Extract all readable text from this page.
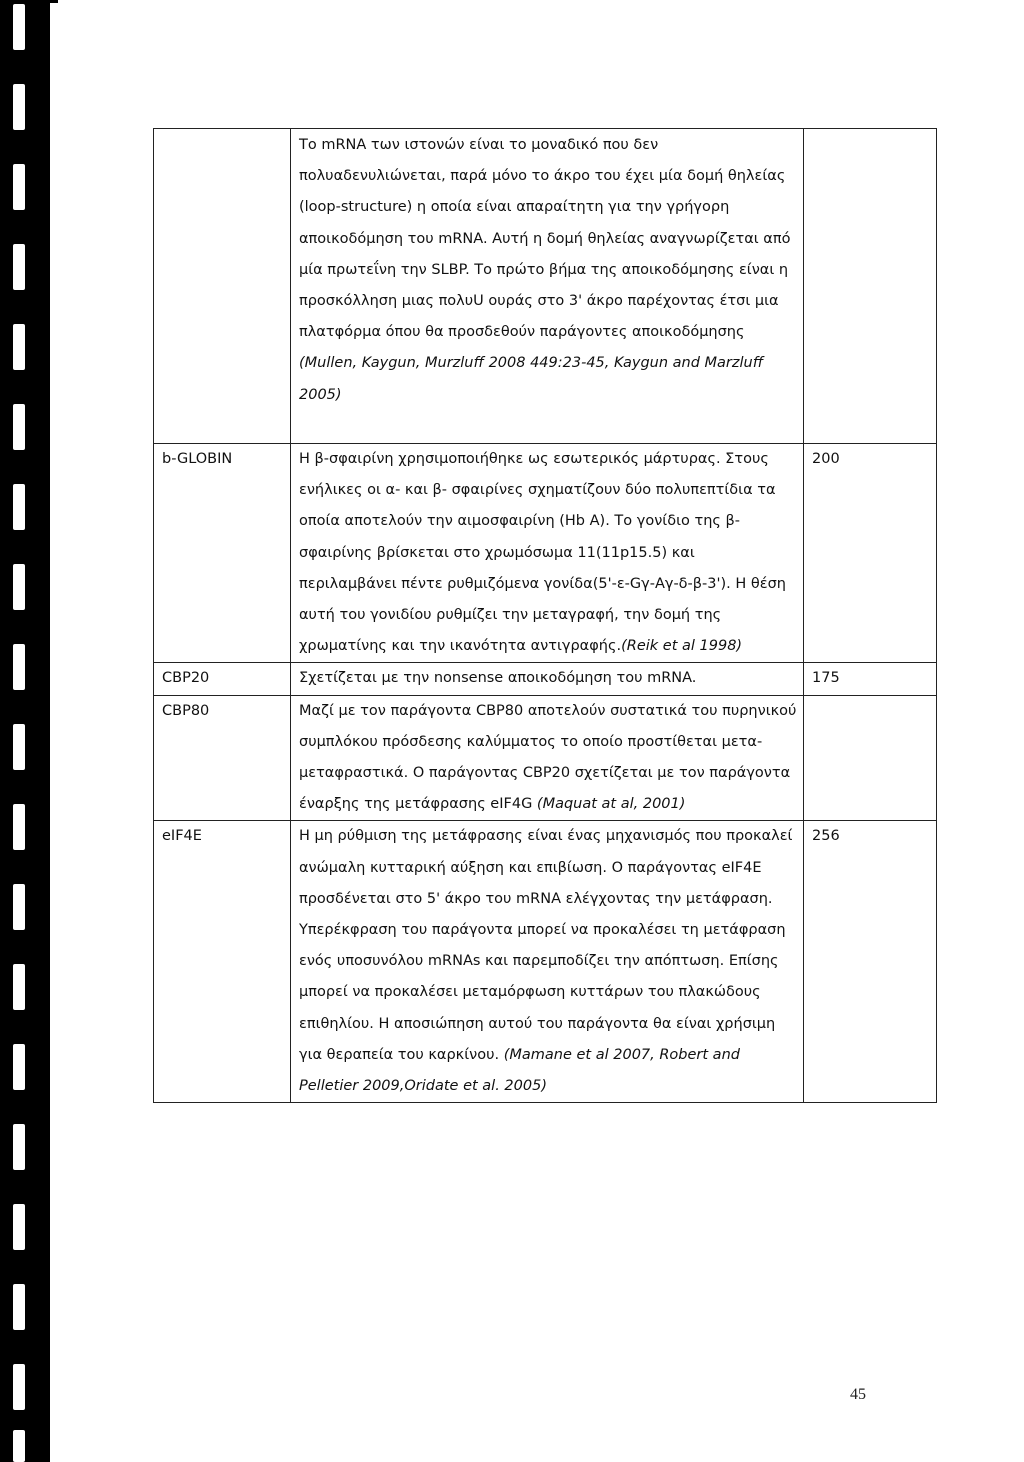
	Το mRNA των ιστονών είναι το μοναδικό που δεν πολυαδενυλιώνεται, παρά μόνο το άκρο του έχει μία δομή θηλείας (loop-structure) η οποία είναι απαραίτητη για την γρήγορη αποικοδόμηση του mRNA. Αυτή η δομή θηλείας αναγνωρίζεται από μία πρωτεΐνη την SLBP. Το πρώτο βήμα της αποικοδόμησης είναι η προσκόλληση μιας πολυU ουράς στο 3' άκρο παρέχοντας έτσι μια πλατφόρμα όπου θα προσδεθούν παράγοντες αποικοδόμησης (Mullen, Kaygun, Murzluff 2008 449:23-45, Kaygun and Marzluff 2005)	
b-GLOBIN	Η β-σφαιρίνη χρησιμοποιήθηκε ως εσωτερικός μάρτυρας. Στους ενήλικες οι α- και β- σφαιρίνες σχηματίζουν δύο πολυπεπτίδια τα οποία αποτελούν την αιμοσφαιρίνη (Hb A). Το γονίδιο της β-σφαιρίνης βρίσκεται στο χρωμόσωμα 11(11p15.5) και περιλαμβάνει πέντε ρυθμιζόμενα γονίδα(5'-ε-Gγ-Aγ-δ-β-3'). Η θέση αυτή του γονιδίου ρυθμίζει την μεταγραφή, την δομή της χρωματίνης και την ικανότητα αντιγραφής.(Reik et al 1998)	200
CBP20	Σχετίζεται με την nonsense αποικοδόμηση του mRNA.	175
CBP80	Μαζί με τον παράγοντα CBP80 αποτελούν συστατικά του πυρηνικού συμπλόκου πρόσδεσης καλύμματος το οποίο προστίθεται μετα-μεταφραστικά. Ο παράγοντας CBP20 σχετίζεται με τον παράγοντα έναρξης της μετάφρασης eIF4G (Maquat at al, 2001)	
eIF4E	Η μη ρύθμιση της μετάφρασης είναι ένας μηχανισμός που προκαλεί ανώμαλη κυτταρική αύξηση και επιβίωση. Ο παράγοντας eIF4E προσδένεται στο 5' άκρο του mRNA ελέγχοντας την μετάφραση. Υπερέκφραση του παράγοντα μπορεί να προκαλέσει τη μετάφραση ενός υποσυνόλου mRNAs και παρεμποδίζει την απόπτωση. Επίσης μπορεί να προκαλέσει μεταμόρφωση κυττάρων του πλακώδους επιθηλίου. Η αποσιώπηση αυτού του παράγοντα θα είναι χρήσιμη για θεραπεία του καρκίνου. (Mamane et al 2007, Robert and Pelletier 2009,Oridate et al. 2005)	256
45
